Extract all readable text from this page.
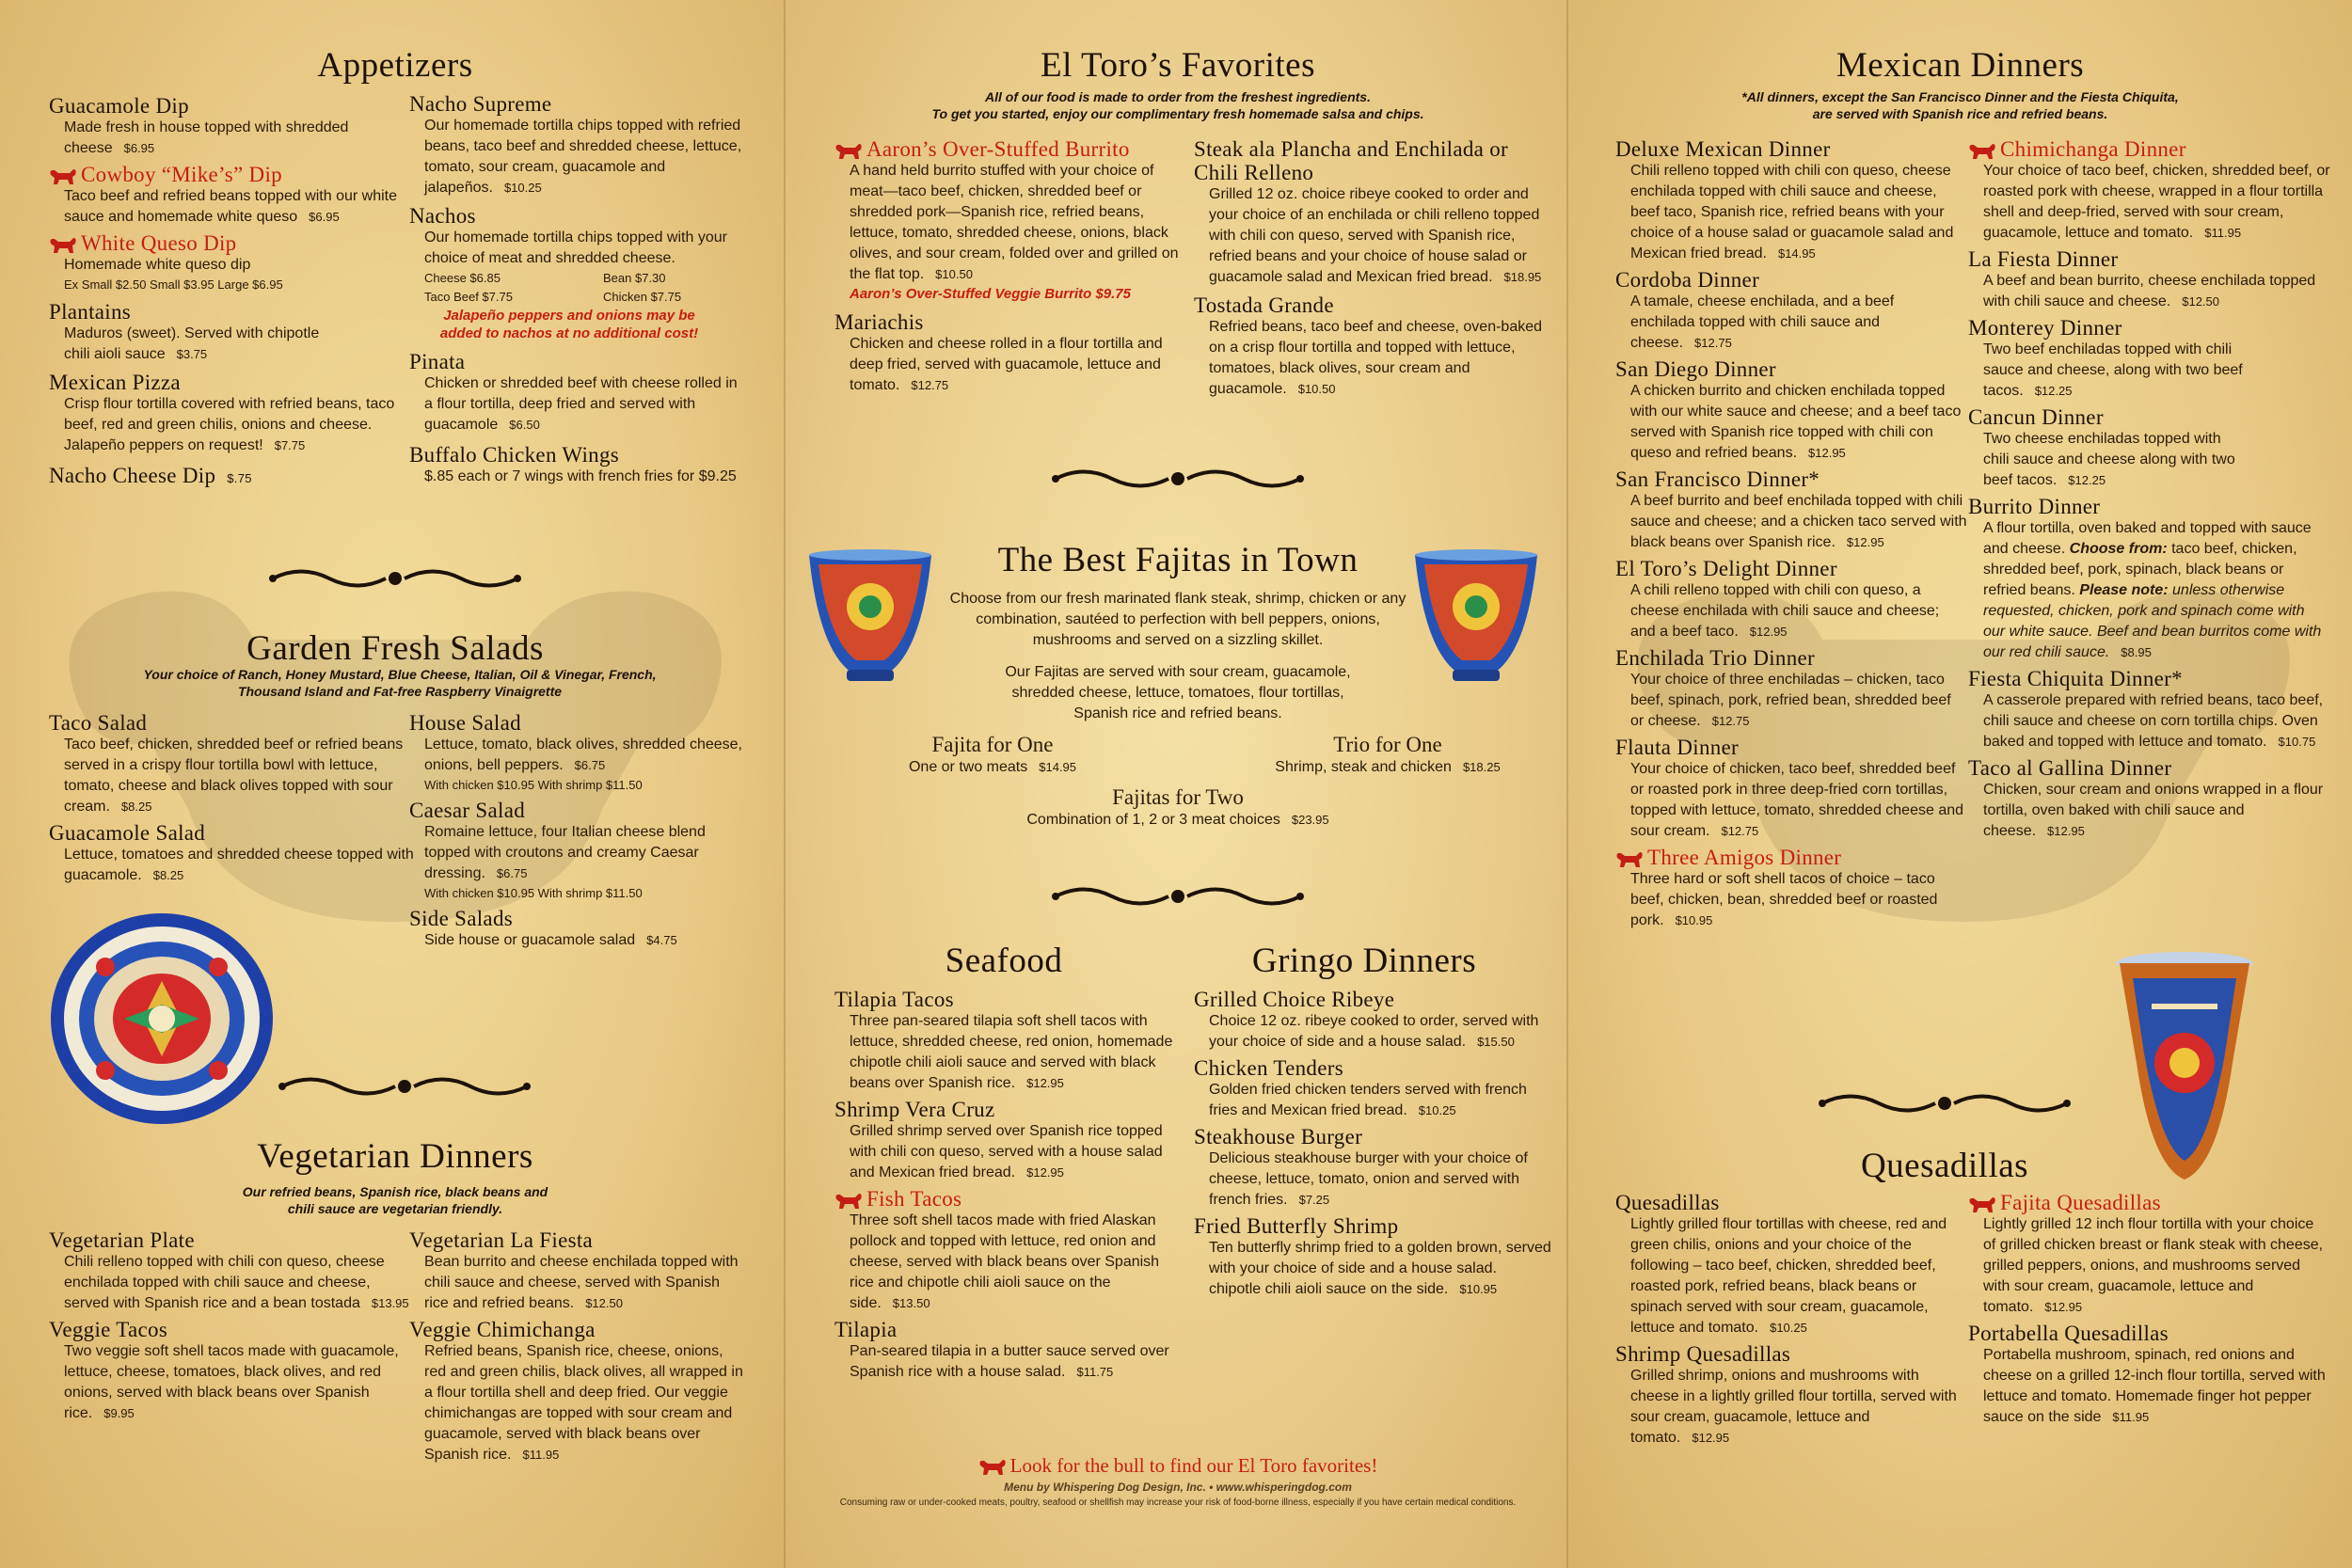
Appetizers
Guacamole Dip
Made fresh in house topped with shredded cheese $6.95
Cowboy “Mike’s” Dip
Taco beef and refried beans topped with our white sauce and homemade white queso $6.95
White Queso Dip
Homemade white queso dip
Ex Small $2.50 Small $3.95 Large $6.95
Plantains
Maduros (sweet). Served with chipotle chili aioli sauce $3.75
Mexican Pizza
Crisp flour tortilla covered with refried beans, taco beef, red and green chilis, onions and cheese. Jalapeño peppers on request! $7.75
Nacho Cheese Dip $.75
Nacho Supreme
Our homemade tortilla chips topped with refried beans, taco beef and shredded cheese, lettuce, tomato, sour cream, guacamole and jalapeños. $10.25
Nachos
Our homemade tortilla chips topped with your choice of meat and shredded cheese.
Cheese $6.85	Bean $7.30
Taco Beef $7.75	Chicken $7.75
Jalapeño peppers and onions may be added to nachos at no additional cost!
Pinata
Chicken or shredded beef with cheese rolled in a flour tortilla, deep fried and served with guacamole $6.50
Buffalo Chicken Wings
$.85 each or 7 wings with french fries for $9.25
Garden Fresh Salads
Your choice of Ranch, Honey Mustard, Blue Cheese, Italian, Oil & Vinegar, French, Thousand Island and Fat-free Raspberry Vinaigrette
Taco Salad
Taco beef, chicken, shredded beef or refried beans served in a crispy flour tortilla bowl with lettuce, tomato, cheese and black olives topped with sour cream. $8.25
Guacamole Salad
Lettuce, tomatoes and shredded cheese topped with guacamole. $8.25
House Salad
Lettuce, tomato, black olives, shredded cheese, onions, bell peppers. $6.75
With chicken $10.95 With shrimp $11.50
Caesar Salad
Romaine lettuce, four Italian cheese blend topped with croutons and creamy Caesar dressing. $6.75
With chicken $10.95 With shrimp $11.50
Side Salads
Side house or guacamole salad $4.75
Vegetarian Dinners
Our refried beans, Spanish rice, black beans and chili sauce are vegetarian friendly.
Vegetarian Plate
Chili relleno topped with chili con queso, cheese enchilada topped with chili sauce and cheese, served with Spanish rice and a bean tostada $13.95
Veggie Tacos
Two veggie soft shell tacos made with guacamole, lettuce, cheese, tomatoes, black olives, and red onions, served with black beans over Spanish rice. $9.95
Vegetarian La Fiesta
Bean burrito and cheese enchilada topped with chili sauce and cheese, served with Spanish rice and refried beans. $12.50
Veggie Chimichanga
Refried beans, Spanish rice, cheese, onions, red and green chilis, black olives, all wrapped in a flour tortilla shell and deep fried. Our veggie chimichangas are topped with sour cream and guacamole, served with black beans over Spanish rice. $11.95
El Toro’s Favorites
All of our food is made to order from the freshest ingredients.
To get you started, enjoy our complimentary fresh homemade salsa and chips.
Aaron’s Over-Stuffed Burrito
A hand held burrito stuffed with your choice of meat—taco beef, chicken, shredded beef or shredded pork—Spanish rice, refried beans, lettuce, tomato, shredded cheese, onions, black olives, and sour cream, folded over and grilled on the flat top. $10.50
Aaron’s Over-Stuffed Veggie Burrito $9.75
Mariachis
Chicken and cheese rolled in a flour tortilla and deep fried, served with guacamole, lettuce and tomato. $12.75
Steak ala Plancha and Enchilada or Chili Relleno
Grilled 12 oz. choice ribeye cooked to order and your choice of an enchilada or chili relleno topped with chili con queso, served with Spanish rice, refried beans and your choice of house salad or guacamole salad and Mexican fried bread. $18.95
Tostada Grande
Refried beans, taco beef and cheese, oven-baked on a crisp flour tortilla and topped with lettuce, tomatoes, black olives, sour cream and guacamole. $10.50
The Best Fajitas in Town
Choose from our fresh marinated flank steak, shrimp, chicken or any combination, sautéed to perfection with bell peppers, onions, mushrooms and served on a sizzling skillet.
Our Fajitas are served with sour cream, guacamole, shredded cheese, lettuce, tomatoes, flour tortillas, Spanish rice and refried beans.
Fajita for One
One or two meats $14.95
Trio for One
Shrimp, steak and chicken $18.25
Fajitas for Two
Combination of 1, 2 or 3 meat choices $23.95
Seafood	Gringo Dinners
Tilapia Tacos
Three pan-seared tilapia soft shell tacos with lettuce, shredded cheese, red onion, homemade chipotle chili aioli sauce and served with black beans over Spanish rice. $12.95
Shrimp Vera Cruz
Grilled shrimp served over Spanish rice topped with chili con queso, served with a house salad and Mexican fried bread. $12.95
Fish Tacos
Three soft shell tacos made with fried Alaskan pollock and topped with lettuce, red onion and cheese, served with black beans over Spanish rice and chipotle chili aioli sauce on the side. $13.50
Tilapia
Pan-seared tilapia in a butter sauce served over Spanish rice with a house salad. $11.75
Grilled Choice Ribeye
Choice 12 oz. ribeye cooked to order, served with your choice of side and a house salad. $15.50
Chicken Tenders
Golden fried chicken tenders served with french fries and Mexican fried bread. $10.25
Steakhouse Burger
Delicious steakhouse burger with your choice of cheese, lettuce, tomato, onion and served with french fries. $7.25
Fried Butterfly Shrimp
Ten butterfly shrimp fried to a golden brown, served with your choice of side and a house salad. chipotle chili aioli sauce on the side. $10.95
Look for the bull to find our El Toro favorites!
Menu by Whispering Dog Design, Inc. • www.whisperingdog.com
Consuming raw or under-cooked meats, poultry, seafood or shellfish may increase your risk of food-borne illness, especially if you have certain medical conditions.
Mexican Dinners
*All dinners, except the San Francisco Dinner and the Fiesta Chiquita,
are served with Spanish rice and refried beans.
Deluxe Mexican Dinner
Chili relleno topped with chili con queso, cheese enchilada topped with chili sauce and cheese, beef taco, Spanish rice, refried beans with your choice of a house salad or guacamole salad and Mexican fried bread. $14.95
Cordoba Dinner
A tamale, cheese enchilada, and a beef enchilada topped with chili sauce and cheese. $12.75
San Diego Dinner
A chicken burrito and chicken enchilada topped with our white sauce and cheese; and a beef taco served with Spanish rice topped with chili con queso and refried beans. $12.95
San Francisco Dinner*
A beef burrito and beef enchilada topped with chili sauce and cheese; and a chicken taco served with black beans over Spanish rice. $12.95
El Toro’s Delight Dinner
A chili relleno topped with chili con queso, a cheese enchilada with chili sauce and cheese; and a beef taco. $12.95
Enchilada Trio Dinner
Your choice of three enchiladas – chicken, taco beef, spinach, pork, refried bean, shredded beef or cheese. $12.75
Flauta Dinner
Your choice of chicken, taco beef, shredded beef or roasted pork in three deep-fried corn tortillas, topped with lettuce, tomato, shredded cheese and sour cream. $12.75
Three Amigos Dinner
Three hard or soft shell tacos of choice – taco beef, chicken, bean, shredded beef or roasted pork. $10.95
Chimichanga Dinner
Your choice of taco beef, chicken, shredded beef, or roasted pork with cheese, wrapped in a flour tortilla shell and deep-fried, served with sour cream, guacamole, lettuce and tomato. $11.95
La Fiesta Dinner
A beef and bean burrito, cheese enchilada topped with chili sauce and cheese. $12.50
Monterey Dinner
Two beef enchiladas topped with chili sauce and cheese, along with two beef tacos. $12.25
Cancun Dinner
Two cheese enchiladas topped with chili sauce and cheese along with two beef tacos. $12.25
Burrito Dinner
A flour tortilla, oven baked and topped with sauce and cheese. Choose from: taco beef, chicken, shredded beef, pork, spinach, black beans or refried beans. Please note: unless otherwise requested, chicken, pork and spinach come with our white sauce. Beef and bean burritos come with our red chili sauce. $8.95
Fiesta Chiquita Dinner*
A casserole prepared with refried beans, taco beef, chili sauce and cheese on corn tortilla chips. Oven baked and topped with lettuce and tomato. $10.75
Taco al Gallina Dinner
Chicken, sour cream and onions wrapped in a flour tortilla, oven baked with chili sauce and cheese. $12.95
Quesadillas
Quesadillas
Lightly grilled flour tortillas with cheese, red and green chilis, onions and your choice of the following – taco beef, chicken, shredded beef, roasted pork, refried beans, black beans or spinach served with sour cream, guacamole, lettuce and tomato. $10.25
Shrimp Quesadillas
Grilled shrimp, onions and mushrooms with cheese in a lightly grilled flour tortilla, served with sour cream, guacamole, lettuce and tomato. $12.95
Fajita Quesadillas
Lightly grilled 12 inch flour tortilla with your choice of grilled chicken breast or flank steak with cheese, grilled peppers, onions, and mushrooms served with sour cream, guacamole, lettuce and tomato. $12.95
Portabella Quesadillas
Portabella mushroom, spinach, red onions and cheese on a grilled 12-inch flour tortilla, served with lettuce and tomato. Homemade finger hot pepper sauce on the side $11.95
